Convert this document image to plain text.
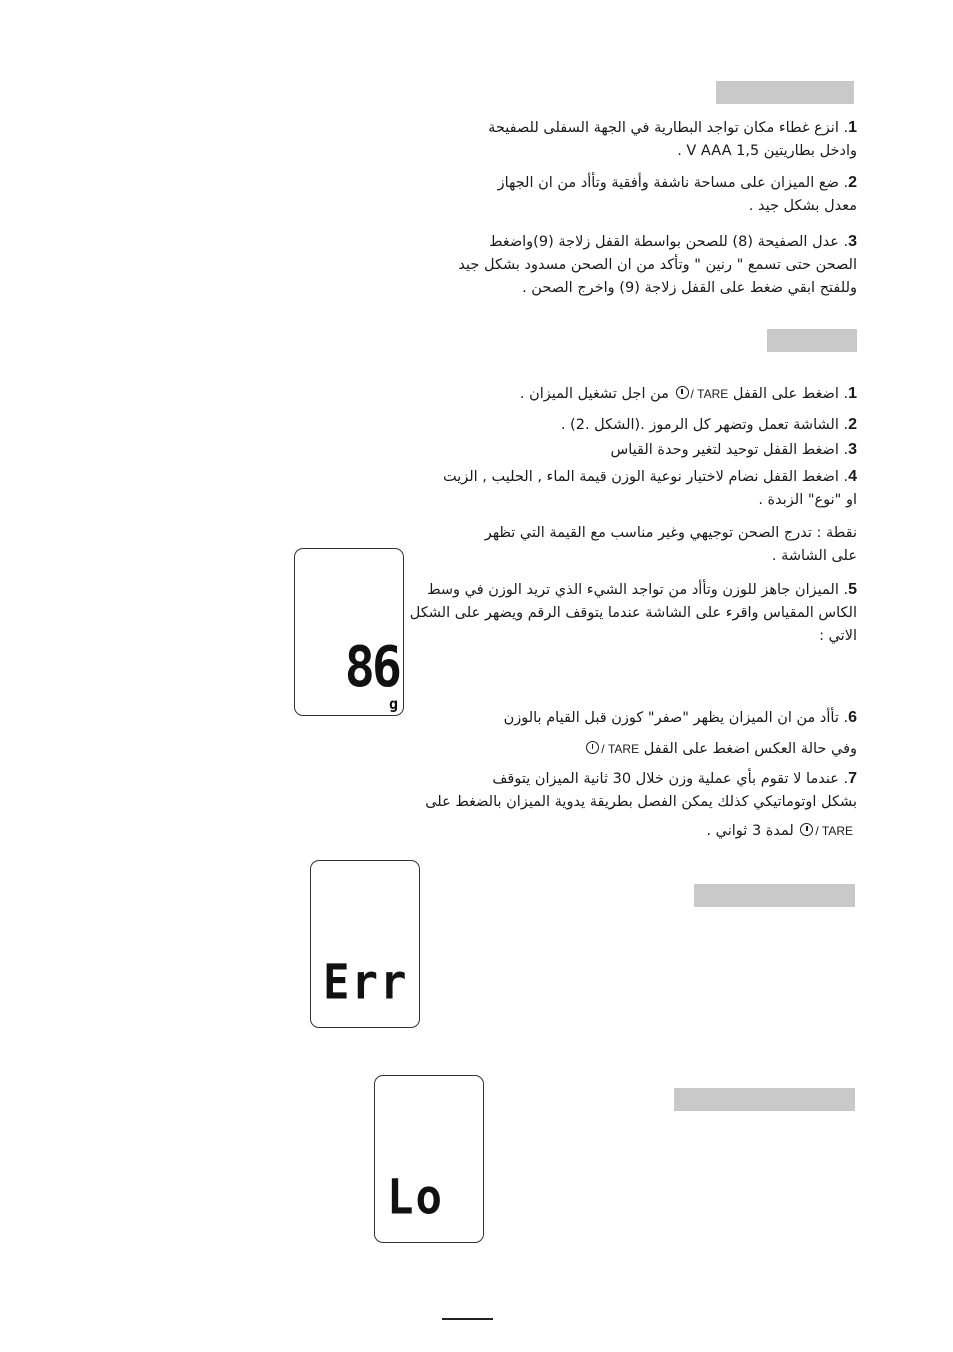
1. انزع غطاء مكان تواجد البطارية في الجهة السفلى للصفيحة
وادخل بطاريتين 1,5 V AAA .
2. ضع الميزان على مساحة ناشفة وأفقية وتأأد من ان الجهاز
معدل بشكل جيد .
3. عدل الصفيحة (8) للصحن بواسطة القفل زلاجة (9)واضغط
الصحن حتى تسمع " رنين " وتأكد من ان الصحن مسدود بشكل جيد
وللفتح ابقي ضغط على القفل زلاجة (9) واخرج الصحن .
1. اضغط على القفل / TARE من اجل تشغيل الميزان .
2. الشاشة تعمل وتضهر كل الرموز .(الشكل .2) .
3. اضغط القفل توحيد لتغير وحدة القياس
4. اضغط القفل نضام لاختيار نوعية الوزن قيمة الماء , الحليب , الزيت
او "نوع" الزبدة .
نقطة : تدرج الصحن توجيهي وغير مناسب مع القيمة التي تظهر
على الشاشة .
5. الميزان جاهز للوزن وتأأد من تواجد الشيء الذي تريد الوزن في وسط
الكاس المقياس واقرء على الشاشة عندما يتوقف الرقم ويضهر على الشكل
الاتي :
6. تأأد من ان الميزان يظهر "صفر" كوزن قبل القيام بالوزن
وفي حالة العكس اضغط على القفل / TARE
7. عندما لا تقوم بأي عملية وزن خلال 30 ثانية الميزان يتوقف
بشكل اوتوماتيكي كذلك يمكن الفصل بطريقة يدوية الميزان بالضغط على
/ TARE لمدة 3 ثواني .
86
g
Err
Lo
